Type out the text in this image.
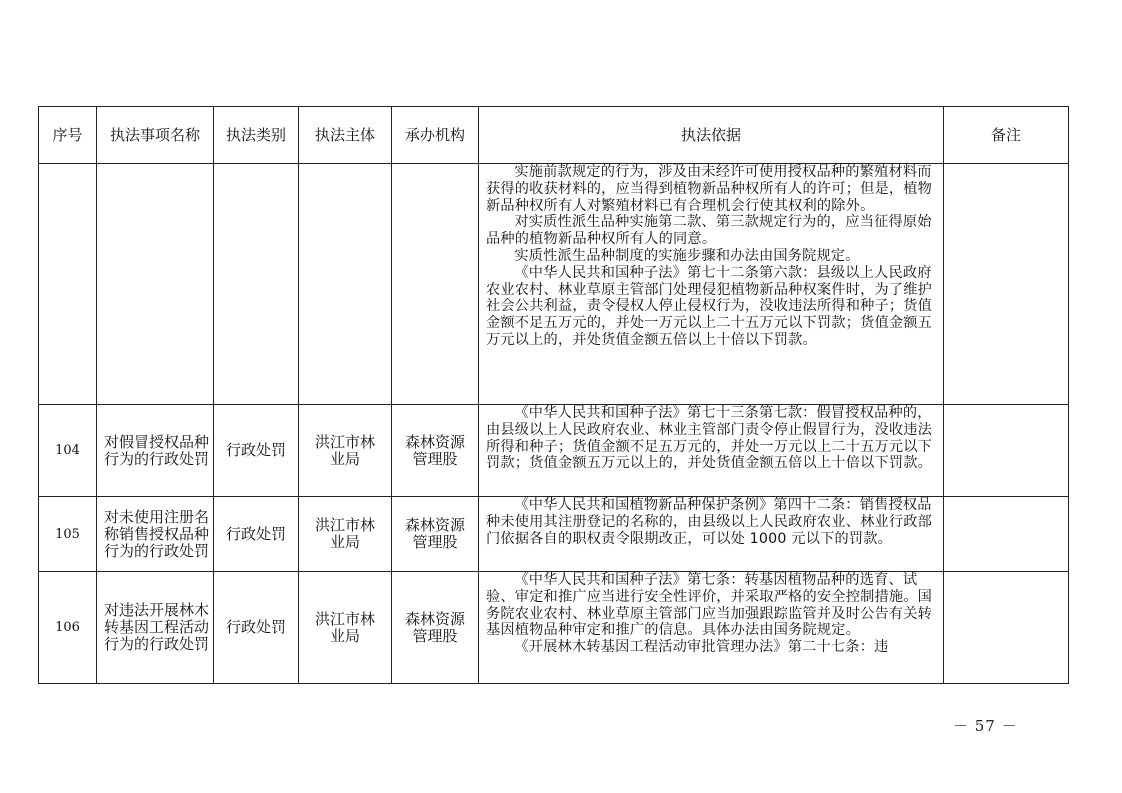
序号	执法事项名称	执法类别	执法主体	承办机构	执法依据	备注

					实施前款规定的行为，涉及由未经许可使用授权品种的繁殖材料而获得的收获材料的，应当得到植物新品种权所有人的许可；但是，植物新品种权所有人对繁殖材料已有合理机会行使其权利的除外。

对实质性派生品种实施第二款、第三款规定行为的，应当征得原始品种的植物新品种权所有人的同意。

实质性派生品种制度的实施步骤和办法由国务院规定。

《中华人民共和国种子法》第七十二条第六款：县级以上人民政府农业农村、林业草原主管部门处理侵犯植物新品种权案件时，为了维护社会公共利益，责令侵权人停止侵权行为，没收违法所得和种子；货值金额不足五万元的，并处一万元以上二十五万元以下罚款；货值金额五万元以上的，并处货值金额五倍以上十倍以下罚款。	

104	对假冒授权品种行为的行政处罚	行政处罚	洪江市林业局	森林资源管理股	《中华人民共和国种子法》第七十三条第七款：假冒授权品种的，由县级以上人民政府农业、林业主管部门责令停止假冒行为，没收违法所得和种子；货值金额不足五万元的，并处一万元以上二十五万元以下罚款；货值金额五万元以上的，并处货值金额五倍以上十倍以下罚款。	

105	对未使用注册名称销售授权品种行为的行政处罚	行政处罚	洪江市林业局	森林资源管理股	《中华人民共和国植物新品种保护条例》第四十二条：销售授权品种未使用其注册登记的名称的，由县级以上人民政府农业、林业行政部门依据各自的职权责令限期改正，可以处 1000 元以下的罚款。	

106	对违法开展林木转基因工程活动行为的行政处罚	行政处罚	洪江市林业局	森林资源管理股	《中华人民共和国种子法》第七条：转基因植物品种的选育、试验、审定和推广应当进行安全性评价，并采取严格的安全控制措施。国务院农业农村、林业草原主管部门应当加强跟踪监管并及时公告有关转基因植物品种审定和推广的信息。具体办法由国务院规定。

《开展林木转基因工程活动审批管理办法》第二十七条：违	

－ 57 －
